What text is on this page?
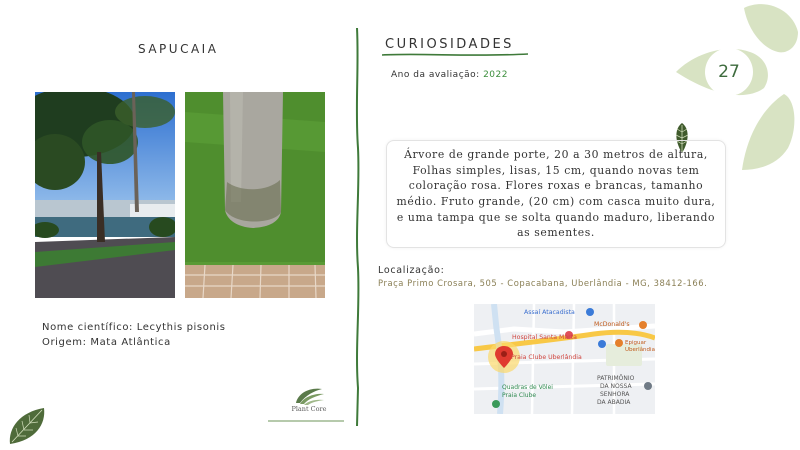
27
SAPUCAIA	CURIOSIDADES
Nome científico: Lecythis pisonis
Origem: Mata Atlântica
Ano da avaliação: 2022
Árvore de grande porte, 20 a 30 metros de altura, Folhas simples, lisas, 15 cm, quando novas tem coloração rosa. Flores roxas e brancas, tamanho médio. Fruto grande, (20 cm) com casca muito dura, e uma tampa que se solta quando maduro, liberando as sementes.
Localização:
Praça Primo Crosara, 505 - Copacabana, Uberlândia - MG, 38412-166.
Assaí Atacadista
McDonald's
Hospital Santa Marta
Praia Clube Uberlândia
Epiguar
Uberlândia
PATRIMÔNIO
DA NOSSA
SENHORA
DA ABADIA
Quadras de Vôlei
Praia Clube
Plant Core
